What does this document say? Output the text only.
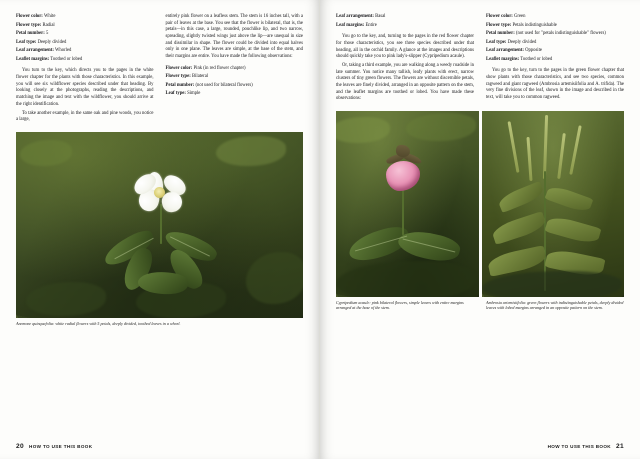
Flower color: White

Flower type: Radial

Petal number: 5

Leaf type: Deeply divided

Leaf arrangement: Whorled

Leaflet margins: Toothed or lobed

You turn to the key, which directs you to the pages in the white flower chapter for the plants with those characteristics. In this example, you will see six wildflower species described under that heading. By looking closely at the photographs, reading the descriptions, and matching the image and text with the wildflower, you should arrive at the right identification.

To take another example, in the same oak and pine woods, you notice a large,

entirely pink flower on a leafless stem. The stem is 16 inches tall, with a pair of leaves at the base. You see that the flower is bilateral, that is, the petals—in this case, a large, rounded, pouchlike lip, and two narrow, spreading, slightly twisted wings just above the lip—are unequal in size and dissimilar in shape. The flower could be divided into equal halves only in one plane. The leaves are simple, at the base of the stem, and their margins are entire. You have made the following observations:

Flower color: Pink (in red flower chapter)

Flower type: Bilateral

Petal number: (not used for bilateral flowers)

Leaf type: Simple

Anemone quinquefolia: white radial flowers with 5 petals, deeply divided, toothed leaves in a whorl.
20 HOW TO USE THIS BOOK

Leaf arrangement: Basal

Leaf margins: Entire

You go to the key, and, turning to the pages in the red flower chapter for those characteristics, you see three species described under that heading, all in the orchid family. A glance at the images and descriptions should quickly take you to pink lady's-slipper (Cypripedium acaule).

Or, taking a third example, you are walking along a weedy roadside in late summer. You notice many tallish, leafy plants with erect, narrow clusters of tiny green flowers. The flowers are without discernible petals, the leaves are finely divided, arranged in an opposite pattern on the stem, and the leaflet margins are toothed or lobed. You have made these observations:

Flower color: Green

Flower type: Petals indistinguishable

Petal number: (not used for "petals indistinguishable" flowers)

Leaf type: Deeply divided

Leaf arrangement: Opposite

Leaflet margins: Toothed or lobed

You go to the key, turn to the pages in the green flower chapter that show plants with those characteristics, and see two species, common ragweed and giant ragweed (Ambrosia artemisiifolia and A. trifida). The very fine divisions of the leaf, shown in the image and described in the text, will take you to common ragweed.

Cypripedium acaule: pink bilateral flowers, simple leaves with entire margins arranged at the base of the stem.
Ambrosia artemisiifolia: green flowers with indistinguishable petals, deeply divided leaves with lobed margins arranged in an opposite pattern on the stem.
HOW TO USE THIS BOOK 21
